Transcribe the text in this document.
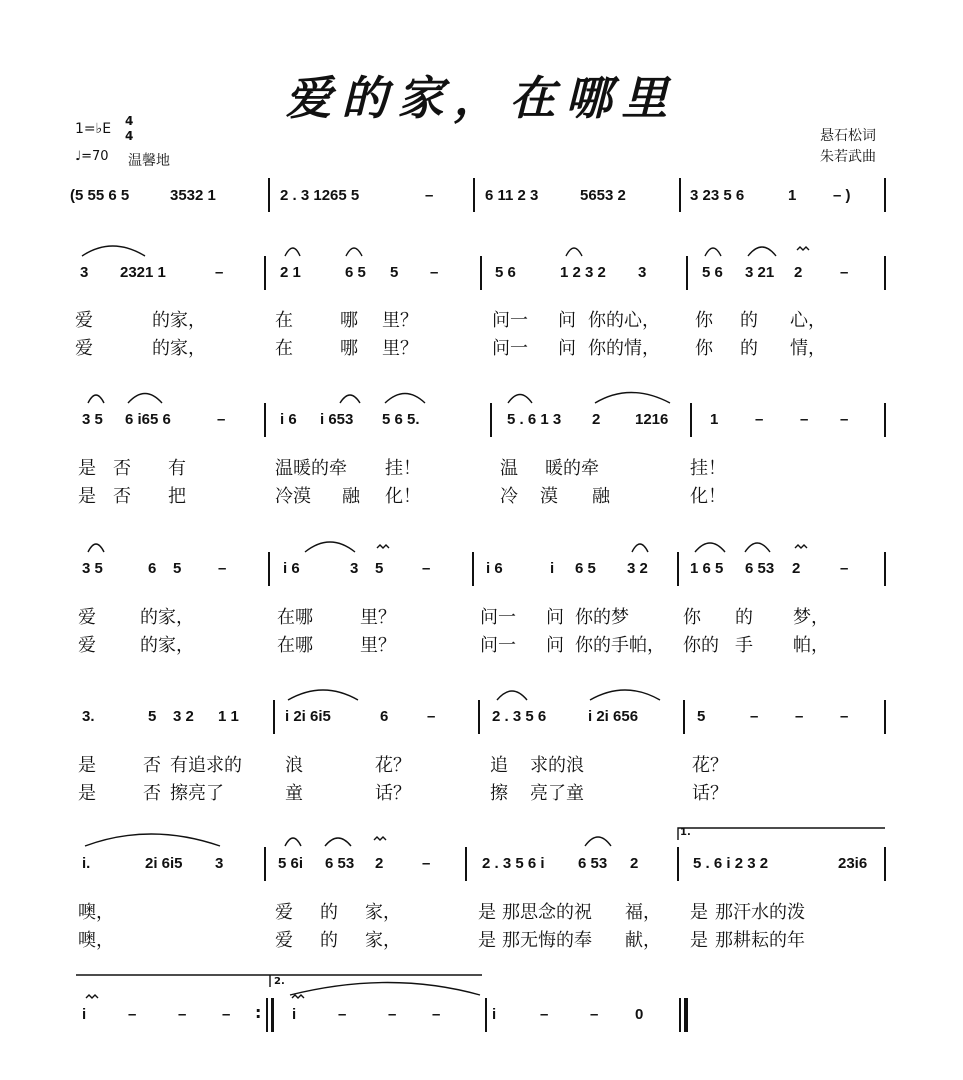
爱的家，在哪里
1=♭E 4
4
♩=70 温馨地
悬石松词
朱若武曲
(5 55 6 5	3532 1	2 . 3 1265 5	–	6 11 2 3	5653 2	3 23 5 6	1 – )
3 2321 1	–	2 1	6 5 5 –	5 6	1 2 3 2 3	5 6 3 21 2	–
爱	的家，	在	哪 里？	问一 问 你的心， 你 的 心，
爱	的家，	在	哪 里？	问一 问 你的情， 你 的 情，
3 5 6 i65 6	–	i 6 i 653 5 6 5.	5 . 6 1 3 2 1216	1 – – –
是 否 有	温暖的牵 挂！	温 暖的牵	挂！
是 否 把	冷漠 融 化！	冷 漠 融	化！
3 5	6 5 –	i 6	3 5	–	i 6	i 6 5 3 2	1 6 5 6 53 2	–
爱 的家，	在哪	里？	问一 问 你的梦	你 的 梦，
爱 的家，	在哪	里？	问一 问 你的手帕， 你的 手 帕，
3.	5 3 2 1 1	i 2i 6i5	6	–	2 . 3 5 6	i 2i 656	5	– – –
是	否 有追求的 浪	花？	追 求的浪	花？
是	否 擦亮了	童	话？	擦 亮了童	话？
i.	2i 6i5 3	5 6i 6 53 2	–	2 . 3 5 6 i 6 53 2	5 . 6 i 2 3 2	23i6
噢，	爱 的 家，	是 那思念的祝 福， 是 那汗水的泼
噢，	爱 的 家，	是 那无悔的奉 献， 是 那耕耘的年
1.
i	–	– –	i	–	– –	i	–	– 0
2.
:
